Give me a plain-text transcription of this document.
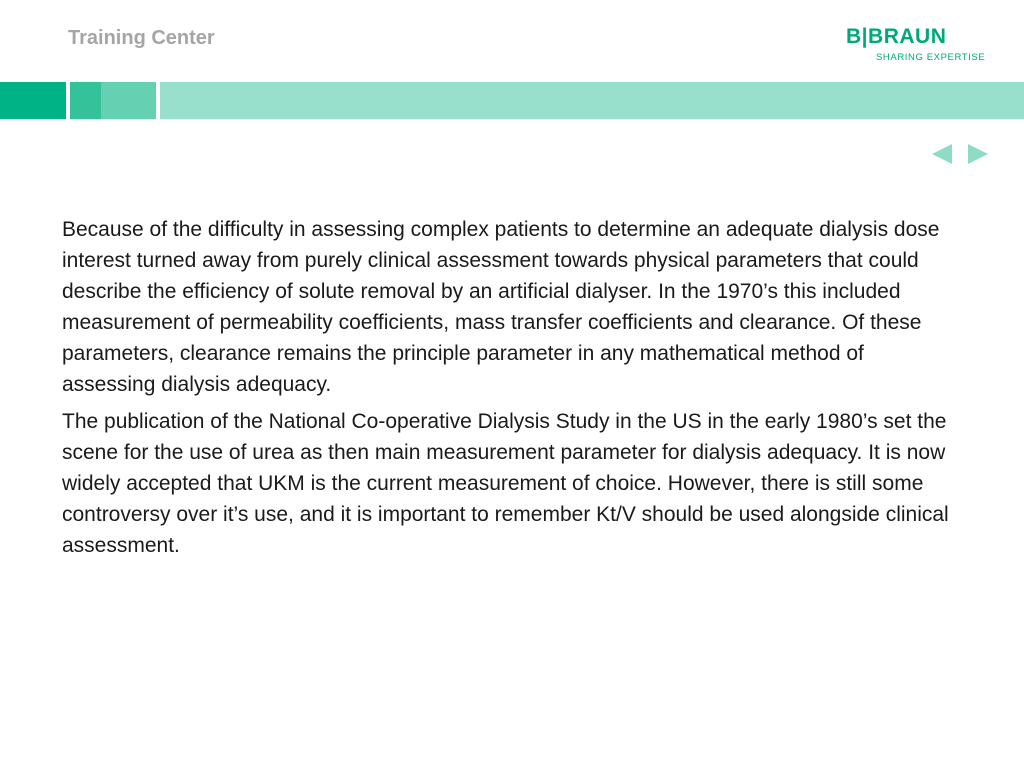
Training Center	B|BRAUN
SHARING EXPERTISE

Because of the difficulty in assessing complex patients to determine an adequate dialysis dose interest turned away from purely clinical assessment towards physical parameters that could describe the efficiency of solute removal by an artificial dialyser. In the 1970’s this included measurement of permeability coefficients, mass transfer coefficients and clearance. Of these parameters, clearance remains the principle parameter in any mathematical method of assessing dialysis adequacy.

The publication of the National Co-operative Dialysis Study in the US in the early 1980’s set the scene for the use of urea as then main measurement parameter for dialysis adequacy. It is now widely accepted that UKM is the current measurement of choice. However, there is still some controversy over it’s use, and it is important to remember Kt/V should be used alongside clinical assessment.
